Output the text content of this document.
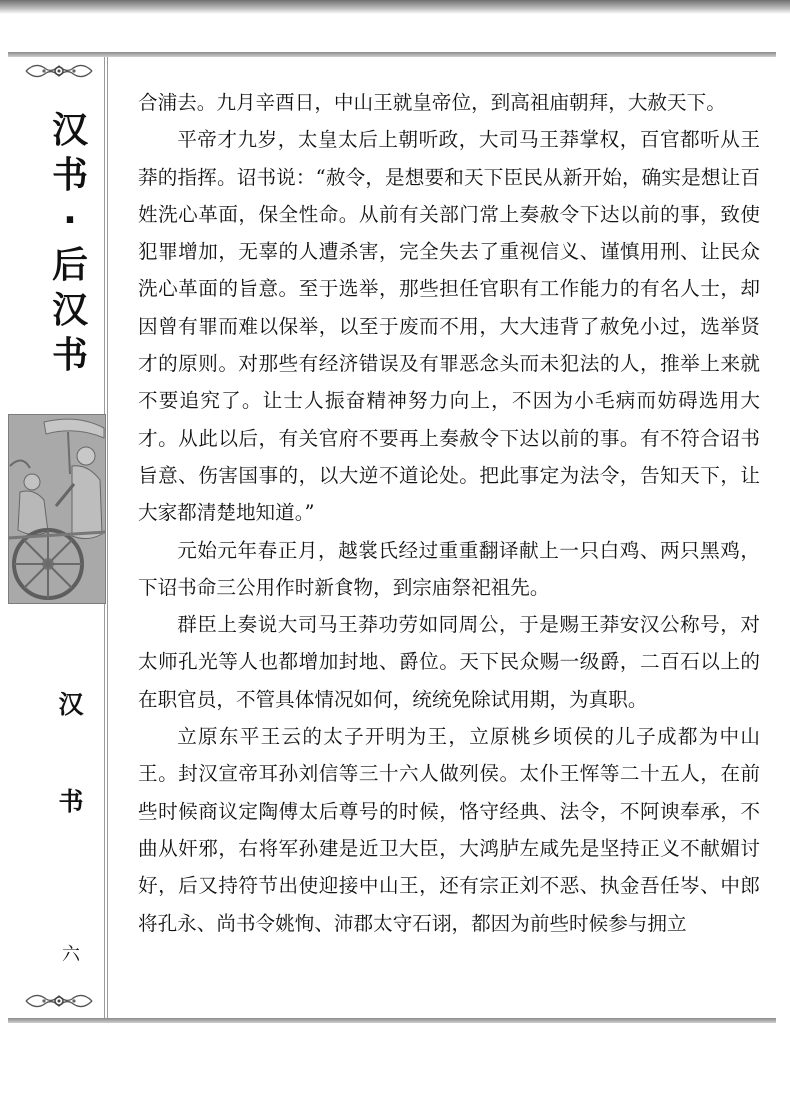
汉
书
·
后
汉
书
汉
书
六

合浦去。九月辛酉日，中山王就皇帝位，到高祖庙朝拜，大赦天下。

平帝才九岁，太皇太后上朝听政，大司马王莽掌权，百官都听从王莽的指挥。诏书说：“赦令，是想要和天下臣民从新开始，确实是想让百姓洗心革面，保全性命。从前有关部门常上奏赦令下达以前的事，致使犯罪增加，无辜的人遭杀害，完全失去了重视信义、谨慎用刑、让民众洗心革面的旨意。至于选举，那些担任官职有工作能力的有名人士，却因曾有罪而难以保举，以至于废而不用，大大违背了赦免小过，选举贤才的原则。对那些有经济错误及有罪恶念头而未犯法的人，推举上来就不要追究了。让士人振奋精神努力向上，不因为小毛病而妨碍选用大才。从此以后，有关官府不要再上奏赦令下达以前的事。有不符合诏书旨意、伤害国事的，以大逆不道论处。把此事定为法令，告知天下，让大家都清楚地知道。”

元始元年春正月，越裳氏经过重重翻译献上一只白鸡、两只黑鸡，下诏书命三公用作时新食物，到宗庙祭祀祖先。

群臣上奏说大司马王莽功劳如同周公，于是赐王莽安汉公称号，对太师孔光等人也都增加封地、爵位。天下民众赐一级爵，二百石以上的在职官员，不管具体情况如何，统统免除试用期，为真职。

立原东平王云的太子开明为王，立原桃乡顷侯的儿子成都为中山王。封汉宣帝耳孙刘信等三十六人做列侯。太仆王恽等二十五人，在前些时候商议定陶傅太后尊号的时候，恪守经典、法令，不阿谀奉承，不曲从奸邪，右将军孙建是近卫大臣，大鸿胪左咸先是坚持正义不献媚讨好，后又持符节出使迎接中山王，还有宗正刘不恶、执金吾任岑、中郎将孔永、尚书令姚恂、沛郡太守石诩，都因为前些时候参与拥立
